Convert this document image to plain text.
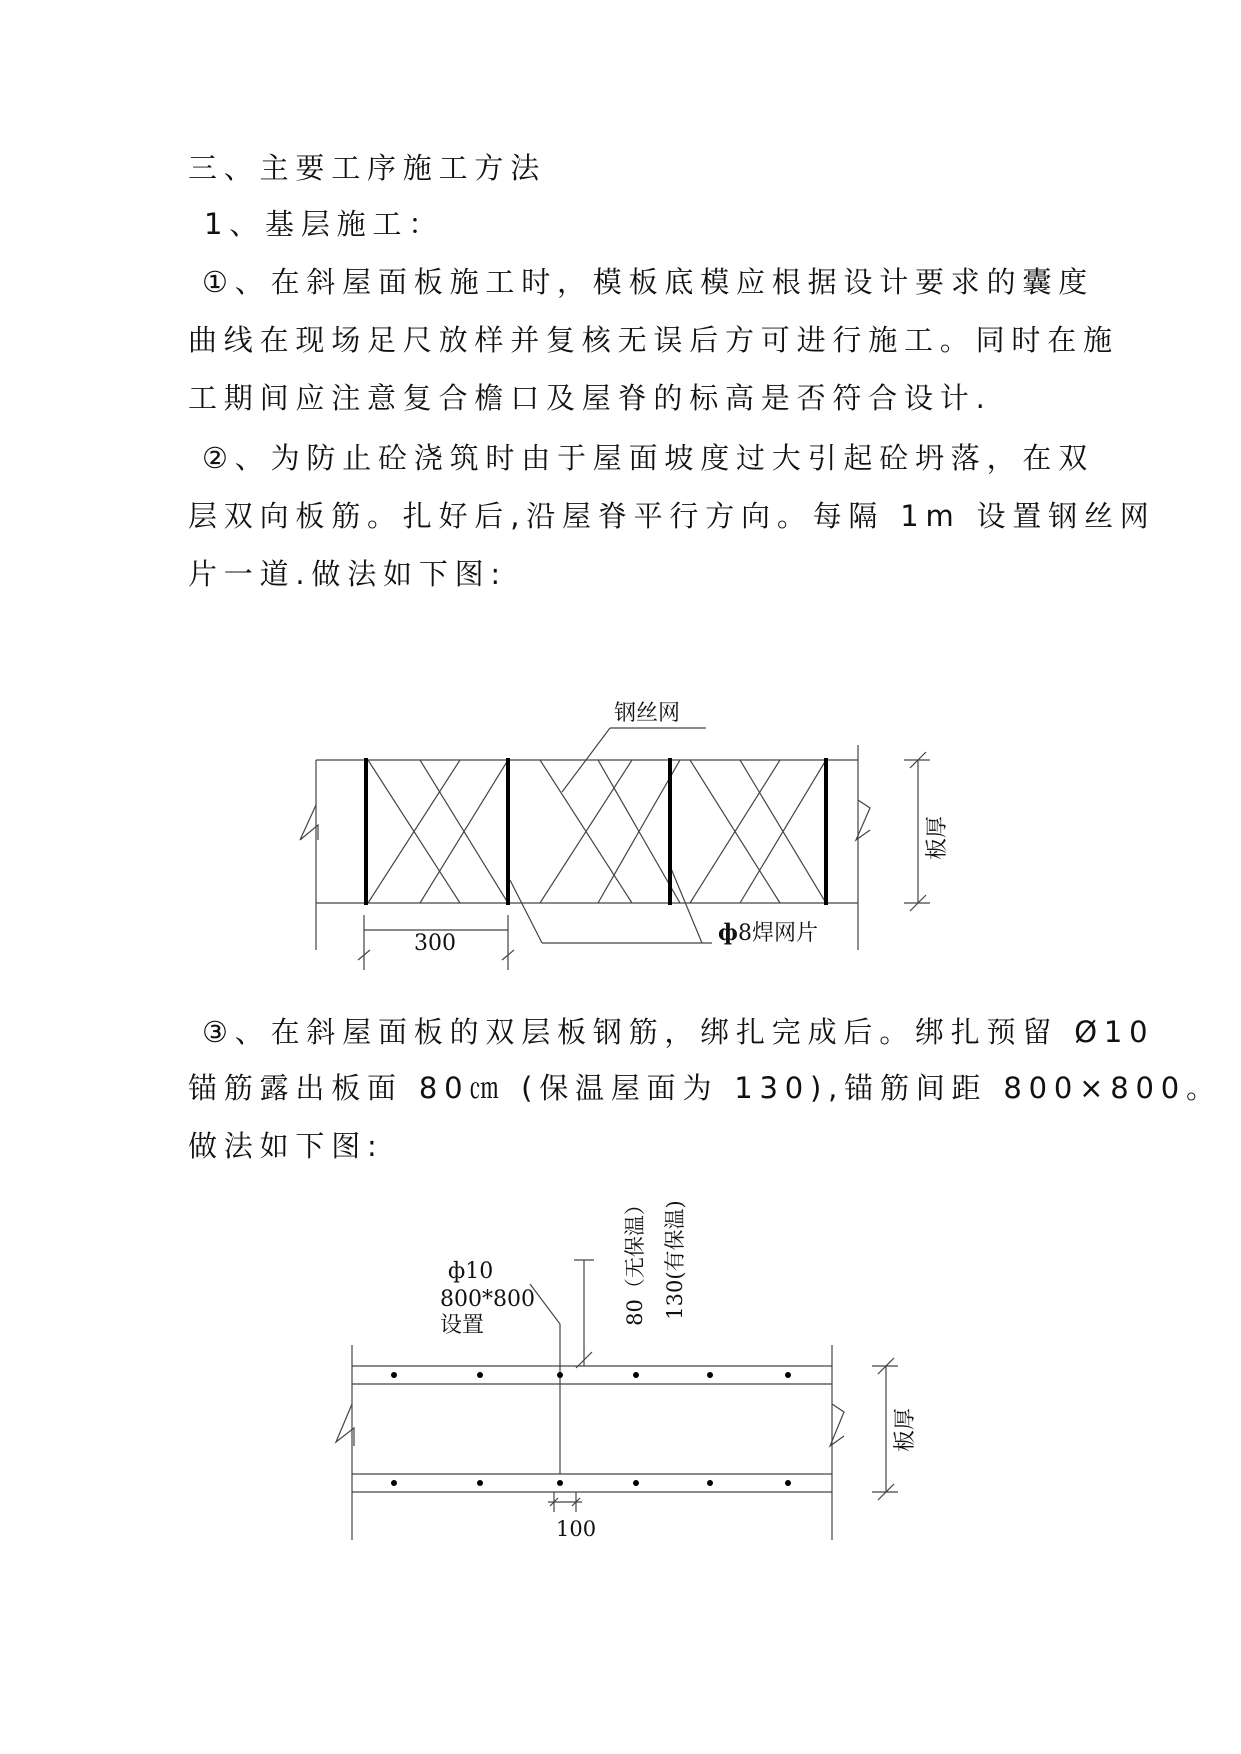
三、主要工序施工方法
1、基层施工：
①、在斜屋面板施工时，模板底模应根据设计要求的囊度
曲线在现场足尺放样并复核无误后方可进行施工。同时在施
工期间应注意复合檐口及屋脊的标高是否符合设计.
②、为防止砼浇筑时由于屋面坡度过大引起砼坍落，在双
层双向板筋。扎好后,沿屋脊平行方向。每隔 1m 设置钢丝网
片一道.做法如下图:
钢丝网
ф 8焊网片
300
板厚
③、在斜屋面板的双层板钢筋，绑扎完成后。绑扎预留 Ø10
锚筋露出板面 80㎝ (保温屋面为 130),锚筋间距 800×800。
做法如下图:
ф10
800*800
设置	80（无保温） 130(有保温)
板厚
100
